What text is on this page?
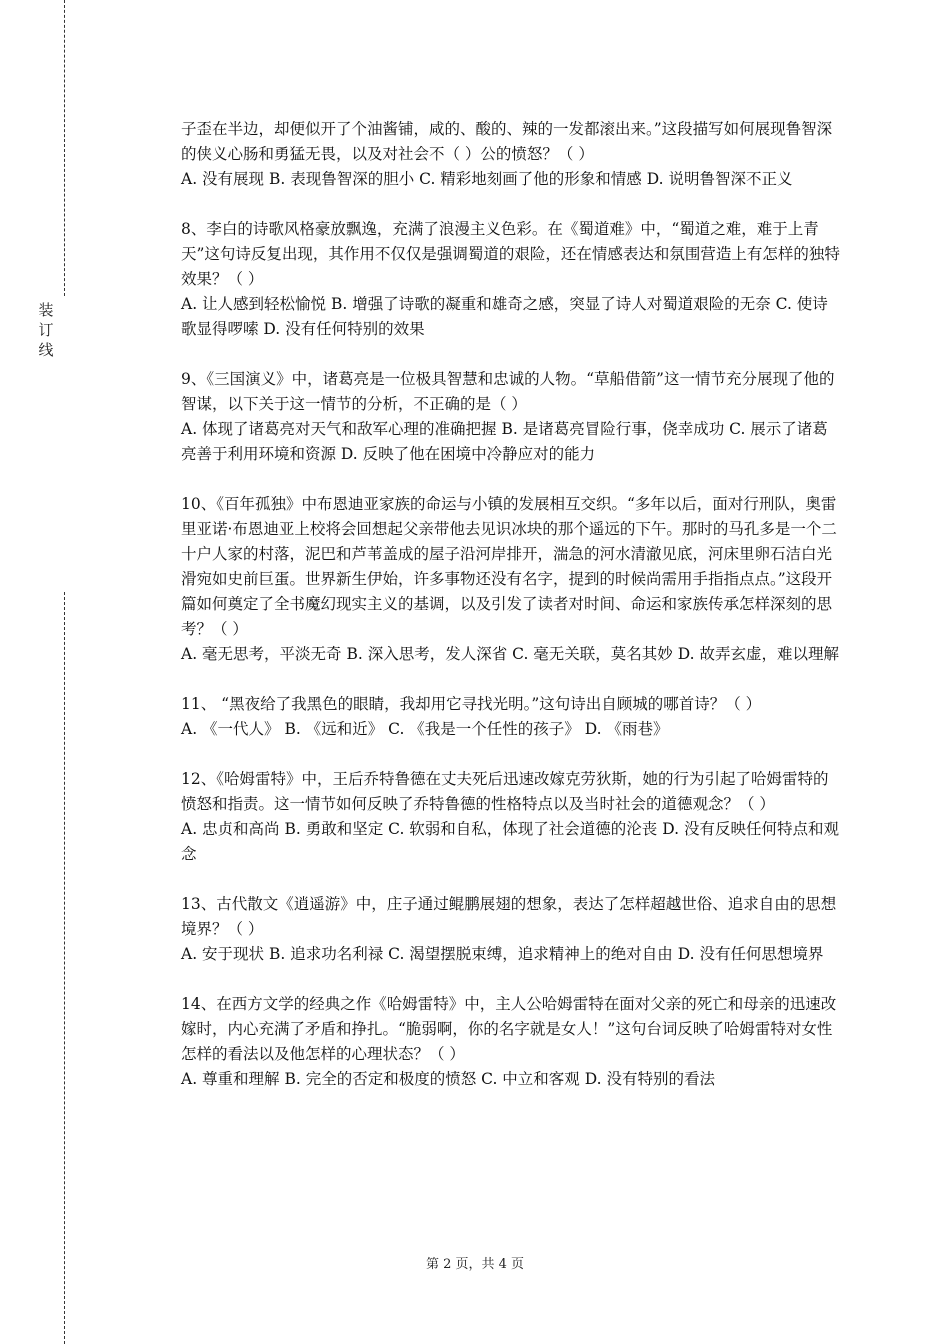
装
订
线

子歪在半边，却便似开了个油酱铺，咸的、酸的、辣的一发都滚出来。”这段描写如何展现鲁智深的侠义心肠和勇猛无畏，以及对社会不（ ）公的愤怒？（ ）

A. 没有展现 B. 表现鲁智深的胆小 C. 精彩地刻画了他的形象和情感 D. 说明鲁智深不正义

8、李白的诗歌风格豪放飘逸，充满了浪漫主义色彩。在《蜀道难》中，“蜀道之难，难于上青天”这句诗反复出现，其作用不仅仅是强调蜀道的艰险，还在情感表达和氛围营造上有怎样的独特效果？（ ）

A. 让人感到轻松愉悦 B. 增强了诗歌的凝重和雄奇之感，突显了诗人对蜀道艰险的无奈 C. 使诗歌显得啰嗦 D. 没有任何特别的效果

9、《三国演义》中，诸葛亮是一位极具智慧和忠诚的人物。“草船借箭”这一情节充分展现了他的智谋，以下关于这一情节的分析，不正确的是（ ）

A. 体现了诸葛亮对天气和敌军心理的准确把握 B. 是诸葛亮冒险行事，侥幸成功 C. 展示了诸葛亮善于利用环境和资源 D. 反映了他在困境中冷静应对的能力

10、《百年孤独》中布恩迪亚家族的命运与小镇的发展相互交织。“多年以后，面对行刑队，奥雷里亚诺·布恩迪亚上校将会回想起父亲带他去见识冰块的那个遥远的下午。那时的马孔多是一个二十户人家的村落，泥巴和芦苇盖成的屋子沿河岸排开，湍急的河水清澈见底，河床里卵石洁白光滑宛如史前巨蛋。世界新生伊始，许多事物还没有名字，提到的时候尚需用手指指点点。”这段开篇如何奠定了全书魔幻现实主义的基调，以及引发了读者对时间、命运和家族传承怎样深刻的思考？（ ）

A. 毫无思考，平淡无奇 B. 深入思考，发人深省 C. 毫无关联，莫名其妙 D. 故弄玄虚，难以理解

11、 “黑夜给了我黑色的眼睛，我却用它寻找光明。”这句诗出自顾城的哪首诗？（ ）

A. 《一代人》 B. 《远和近》 C. 《我是一个任性的孩子》 D. 《雨巷》

12、《哈姆雷特》中，王后乔特鲁德在丈夫死后迅速改嫁克劳狄斯，她的行为引起了哈姆雷特的愤怒和指责。这一情节如何反映了乔特鲁德的性格特点以及当时社会的道德观念？（ ）

A. 忠贞和高尚 B. 勇敢和坚定 C. 软弱和自私，体现了社会道德的沦丧 D. 没有反映任何特点和观念

13、古代散文《逍遥游》中，庄子通过鲲鹏展翅的想象，表达了怎样超越世俗、追求自由的思想境界？（ ）

A. 安于现状 B. 追求功名利禄 C. 渴望摆脱束缚，追求精神上的绝对自由 D. 没有任何思想境界

14、在西方文学的经典之作《哈姆雷特》中，主人公哈姆雷特在面对父亲的死亡和母亲的迅速改嫁时，内心充满了矛盾和挣扎。“脆弱啊，你的名字就是女人！”这句台词反映了哈姆雷特对女性怎样的看法以及他怎样的心理状态？（ ）

A. 尊重和理解 B. 完全的否定和极度的愤怒 C. 中立和客观 D. 没有特别的看法

第 2 页，共 4 页
